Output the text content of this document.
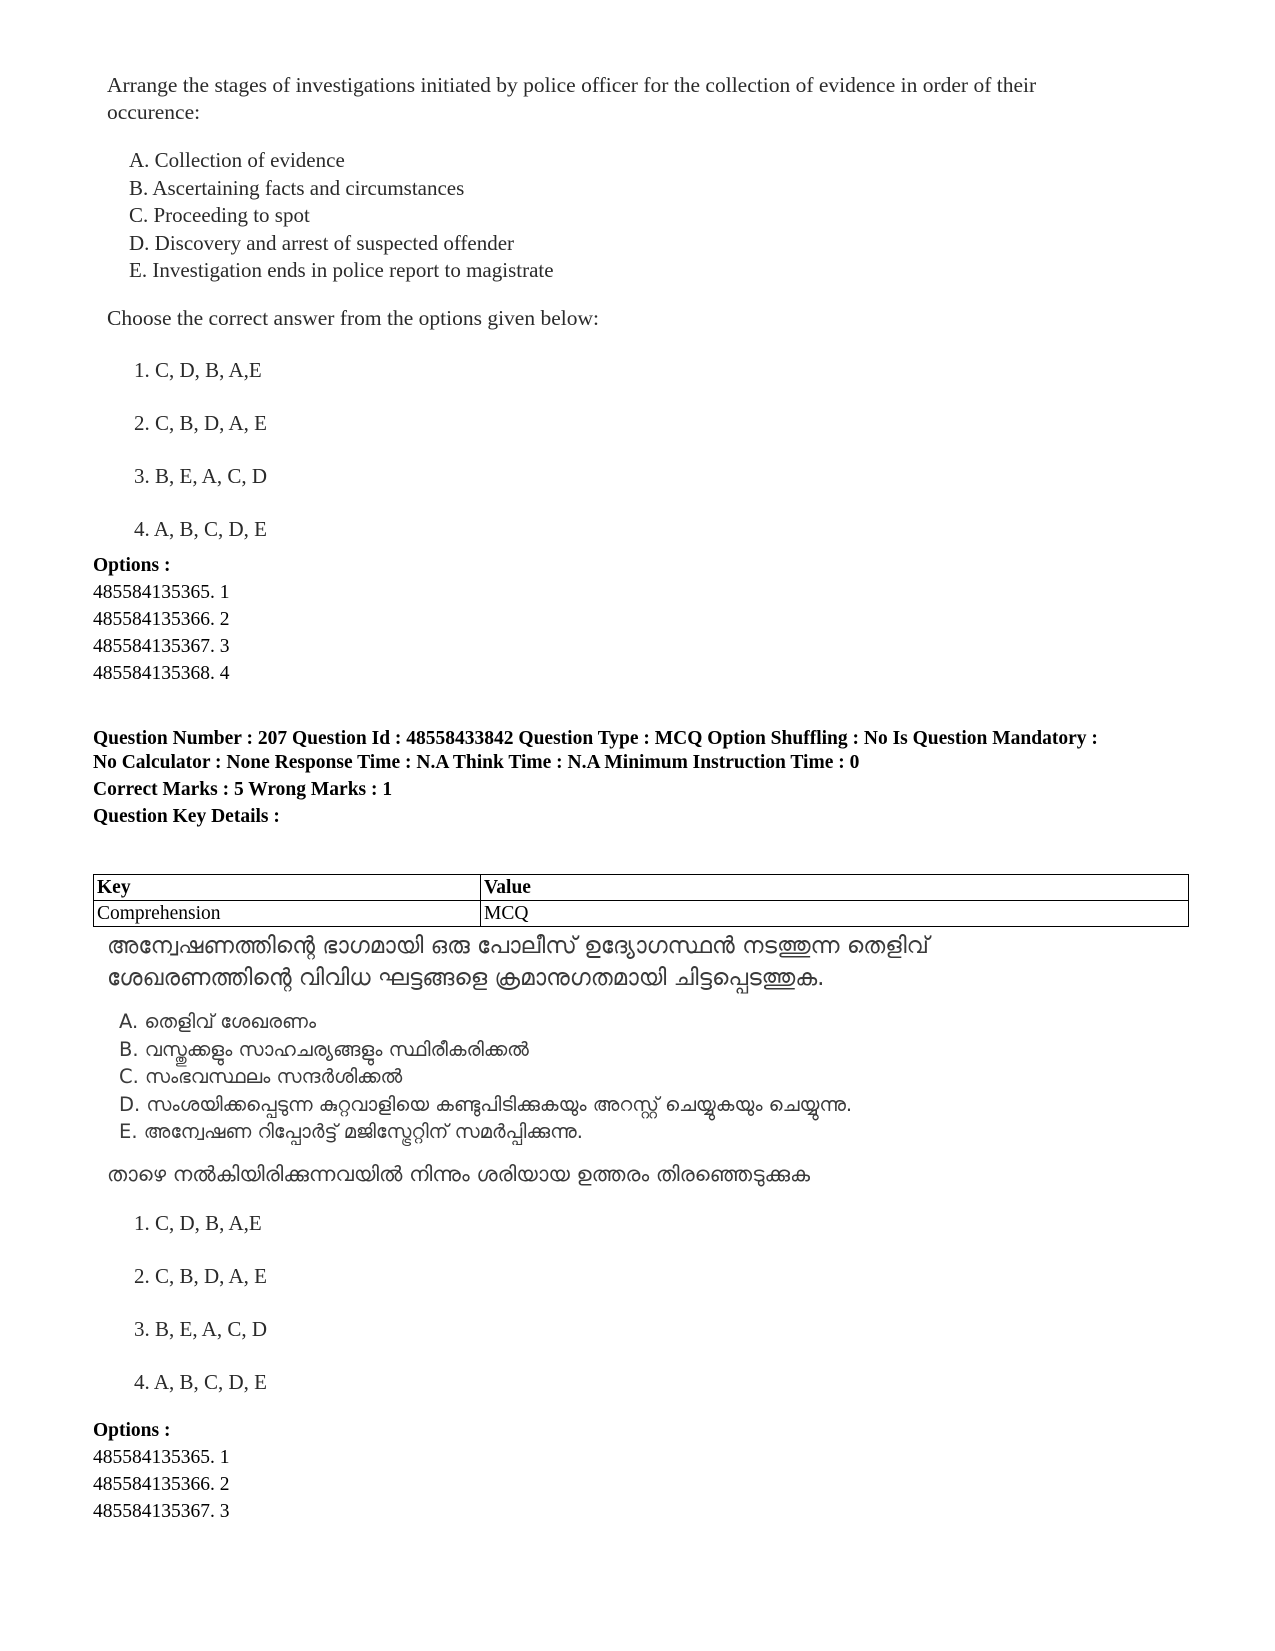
Arrange the stages of investigations initiated by police officer for the collection of evidence in order of their occurence:

A. Collection of evidence
B. Ascertaining facts and circumstances
C. Proceeding to spot
D. Discovery and arrest of suspected offender
E. Investigation ends in police report to magistrate

Choose the correct answer from the options given below:

1. C, D, B, A,E
2. C, B, D, A, E
3. B, E, A, C, D
4. A, B, C, D, E
Options :
485584135365. 1
485584135366. 2
485584135367. 3
485584135368. 4
Question Number : 207 Question Id : 48558433842 Question Type : MCQ Option Shuffling : No Is Question Mandatory :
No Calculator : None Response Time : N.A Think Time : N.A Minimum Instruction Time : 0
Correct Marks : 5 Wrong Marks : 1
Question Key Details :
Key	Value
Comprehension	MCQ

അന്വേഷണത്തിന്റെ ഭാഗമായി ഒരു പോലീസ് ഉദ്യോഗസ്ഥൻ നടത്തുന്ന തെളിവ്

ശേഖരണത്തിന്റെ വിവിധ ഘട്ടങ്ങളെ ക്രമാനുഗതമായി ചിട്ടപ്പെടത്തുക.

A. തെളിവ് ശേഖരണം
B. വസ്തുക്കളും സാഹചര്യങ്ങളും സ്ഥിരീകരിക്കൽ
C. സംഭവസ്ഥലം സന്ദർശിക്കൽ
D. സംശയിക്കപ്പെടുന്ന കുറ്റവാളിയെ കണ്ടുപിടിക്കുകയും അറസ്റ്റ് ചെയ്യുകയും ചെയ്യുന്നു.
E. അന്വേഷണ റിപ്പോർട്ട് മജിസ്ട്രേറ്റിന് സമർപ്പിക്കുന്നു.

താഴെ നൽകിയിരിക്കുന്നവയിൽ നിന്നും ശരിയായ ഉത്തരം തിരഞ്ഞെടുക്കുക

1. C, D, B, A,E
2. C, B, D, A, E
3. B, E, A, C, D
4. A, B, C, D, E
Options :
485584135365. 1
485584135366. 2
485584135367. 3
